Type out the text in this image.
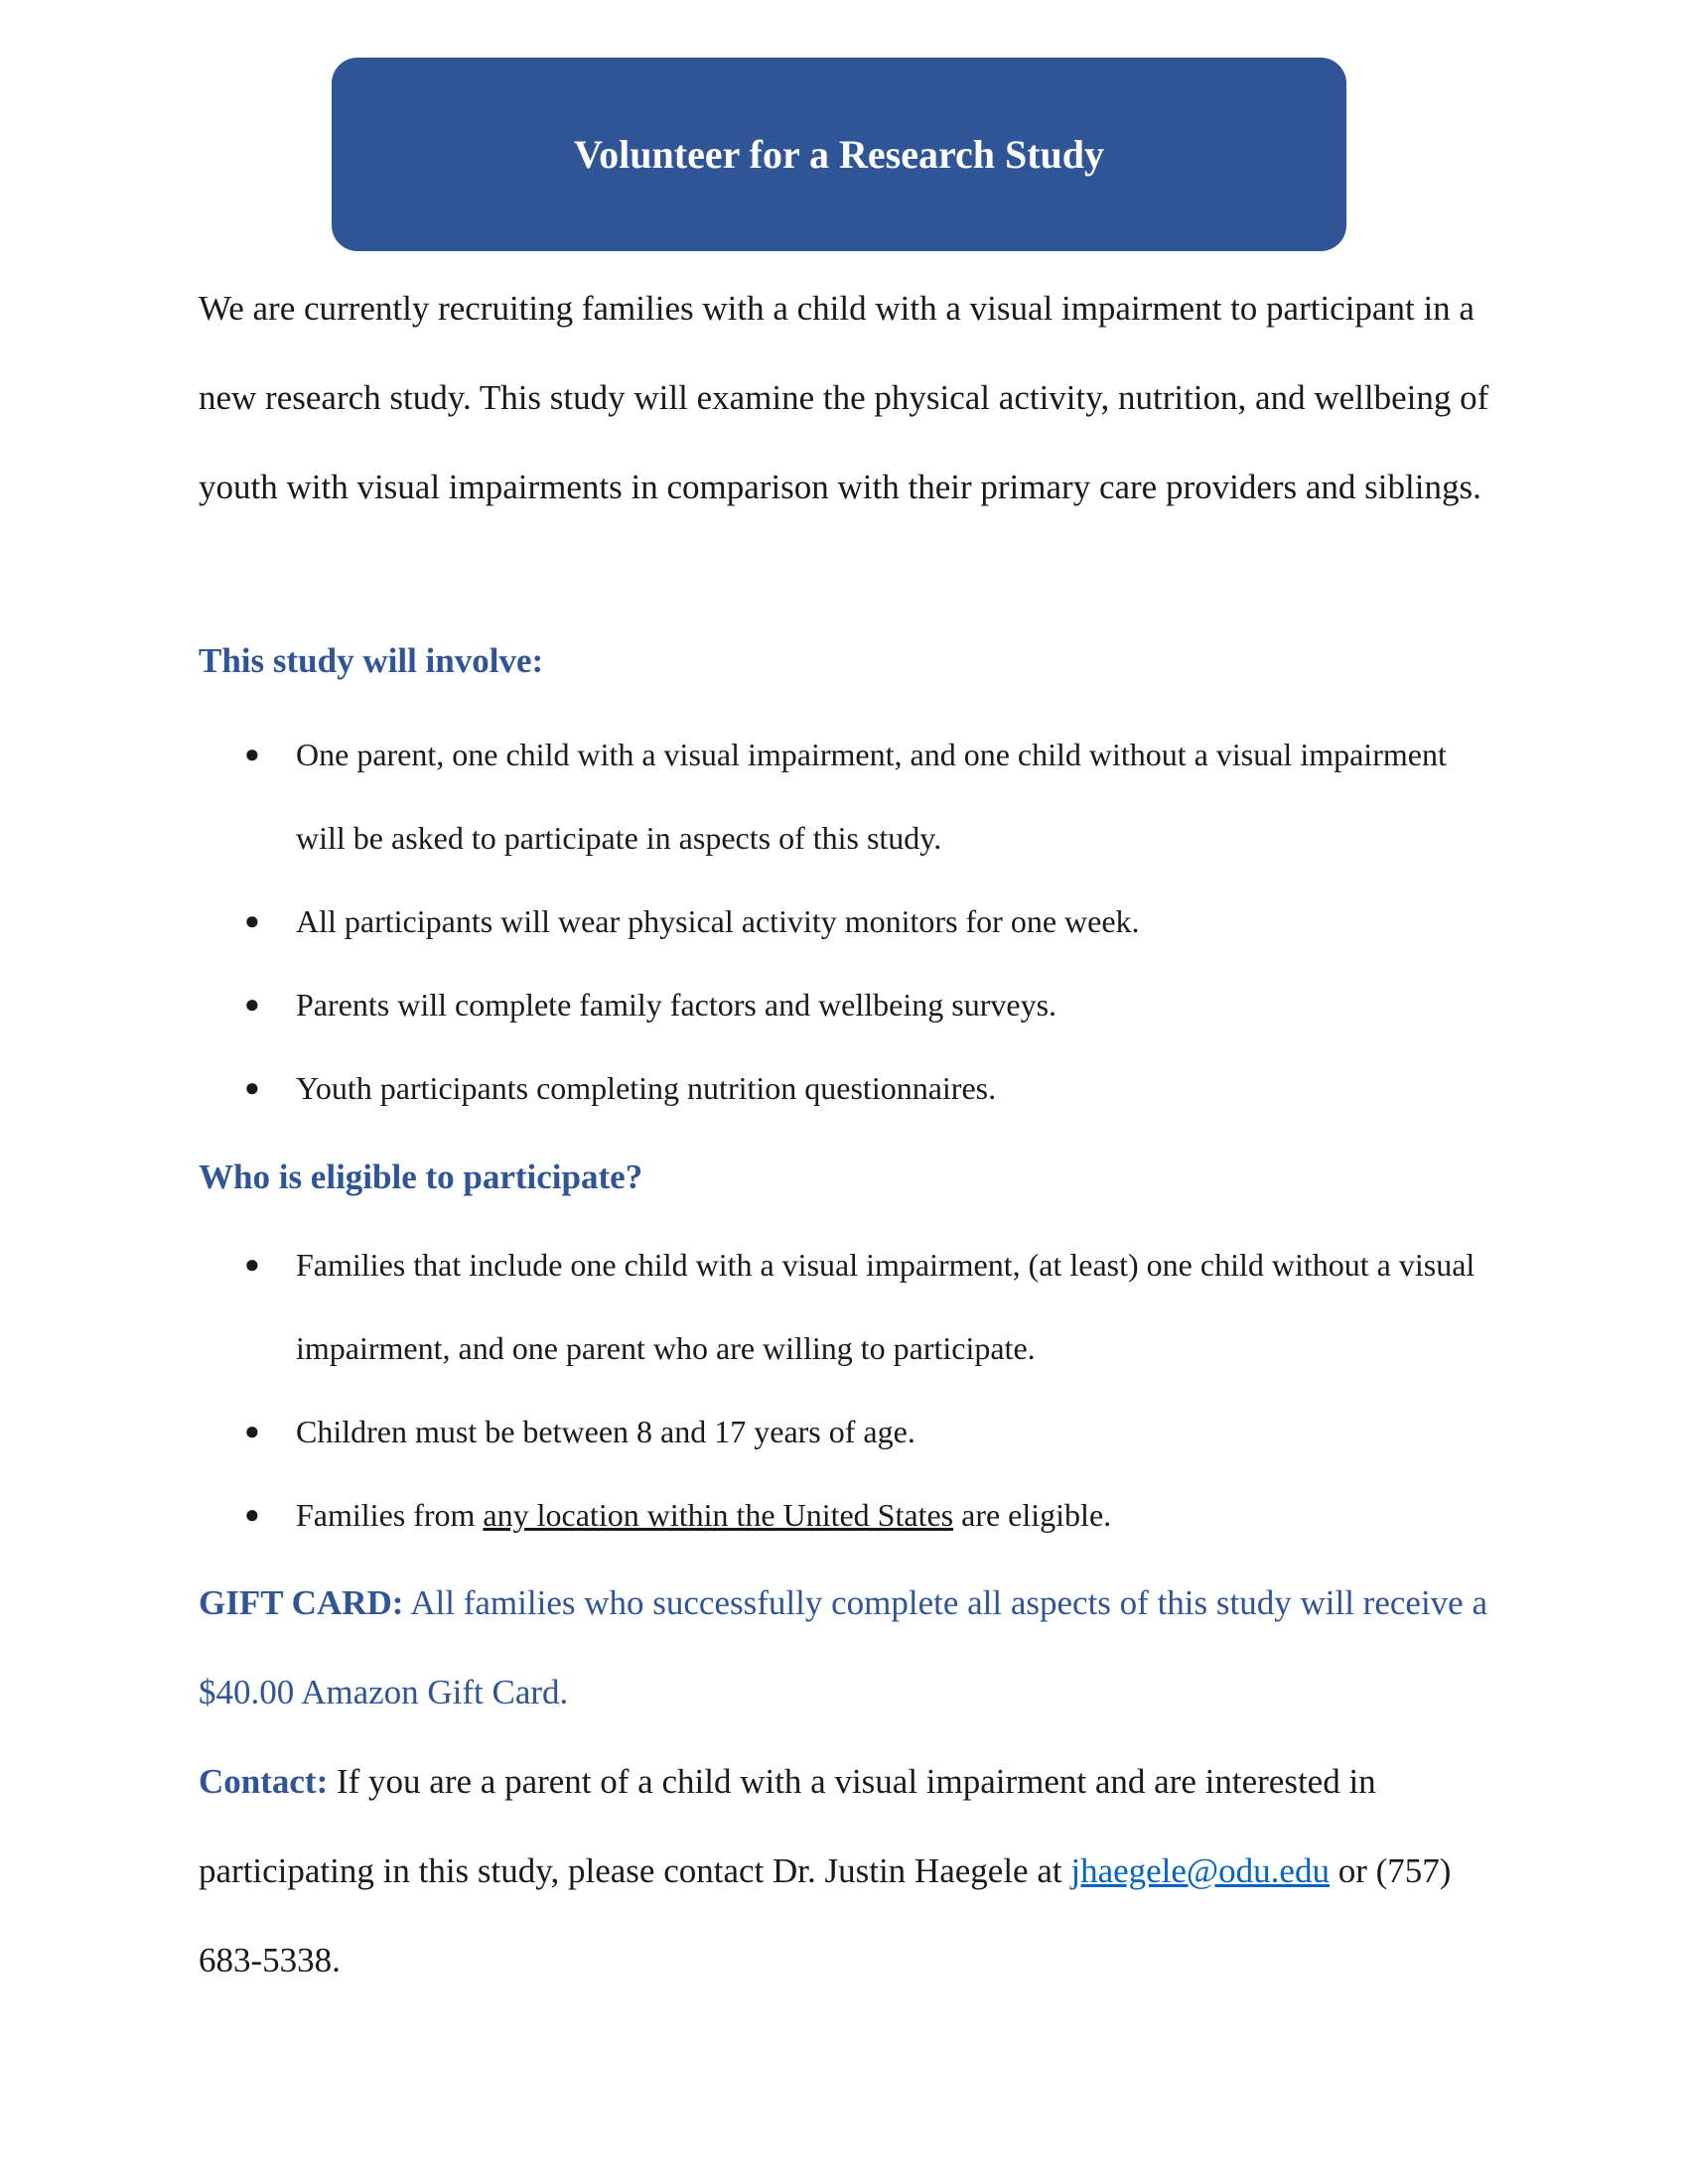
Volunteer for a Research Study

We are currently recruiting families with a child with a visual impairment to participant in a new research study. This study will examine the physical activity, nutrition, and wellbeing of youth with visual impairments in comparison with their primary care providers and siblings.

This study will involve:
● One parent, one child with a visual impairment, and one child without a visual impairment will be asked to participate in aspects of this study.
● All participants will wear physical activity monitors for one week.
● Parents will complete family factors and wellbeing surveys.
● Youth participants completing nutrition questionnaires.
Who is eligible to participate?
● Families that include one child with a visual impairment, (at least) one child without a visual impairment, and one parent who are willing to participate.
● Children must be between 8 and 17 years of age.
● Families from any location within the United States are eligible.

GIFT CARD: All families who successfully complete all aspects of this study will receive a $40.00 Amazon Gift Card.

Contact: If you are a parent of a child with a visual impairment and are interested in participating in this study, please contact Dr. Justin Haegele at jhaegele@odu.edu or (757) 683-5338.
